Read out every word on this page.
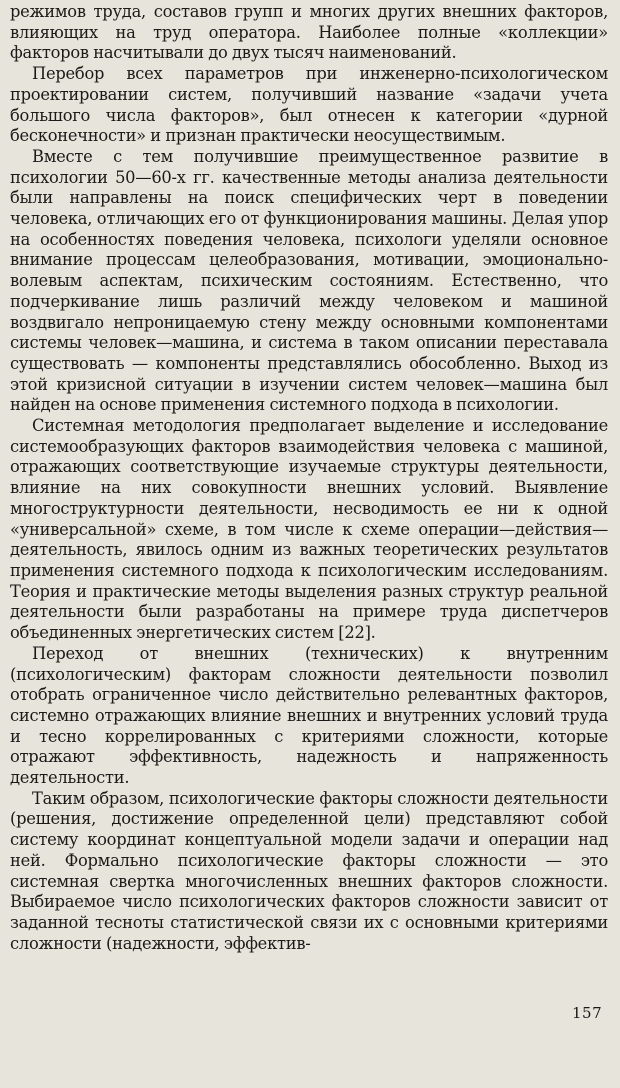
режимов труда, составов групп и многих других внешних факторов, влияющих на труд оператора. Наиболее полные «коллекции» факторов насчитывали до двух тысяч наименований.

Перебор всех параметров при инженерно-психологическом проектировании систем, получивший название «задачи учета большого числа факторов», был отнесен к категории «дурной бесконечности» и признан практически неосуществимым.

Вместе с тем получившие преимущественное развитие в психологии 50—60-х гг. качественные методы анализа деятельности были направлены на поиск специфических черт в поведении человека, отличающих его от функционирования машины. Делая упор на особенностях поведения человека, психологи уделяли основное внимание процессам целеобразования, мотивации, эмоционально-волевым аспектам, психическим состояниям. Естественно, что подчеркивание лишь различий между человеком и машиной воздвигало непроницаемую стену между основными компонентами системы человек—машина, и система в таком описании переставала существовать — компоненты представлялись обособленно. Выход из этой кризисной ситуации в изучении систем человек—машина был найден на основе применения системного подхода в психологии.

Системная методология предполагает выделение и исследование системообразующих факторов взаимодействия человека с машиной, отражающих соответствующие изучаемые структуры деятельности, влияние на них совокупности внешних условий. Выявление многоструктурности деятельности, несводимость ее ни к одной «универсальной» схеме, в том числе к схеме операции—действия—деятельность, явилось одним из важных теоретических результатов применения системного подхода к психологическим исследованиям. Теория и практические методы выделения разных структур реальной деятельности были разработаны на примере труда диспетчеров объединенных энергетических систем [22].

Переход от внешних (технических) к внутренним (психологическим) факторам сложности деятельности позволил отобрать ограниченное число действительно релевантных факторов, системно отражающих влияние внешних и внутренних условий труда и тесно коррелированных с критериями сложности, которые отражают эффективность, надежность и напряженность деятельности.

Таким образом, психологические факторы сложности деятельности (решения, достижение определенной цели) представляют собой систему координат концептуальной модели задачи и операции над ней. Формально психологические факторы сложности — это системная свертка многочисленных внешних факторов сложности. Выбираемое число психологических факторов сложности зависит от заданной тесноты статистической связи их с основными критериями сложности (надежности, эффектив-

157
